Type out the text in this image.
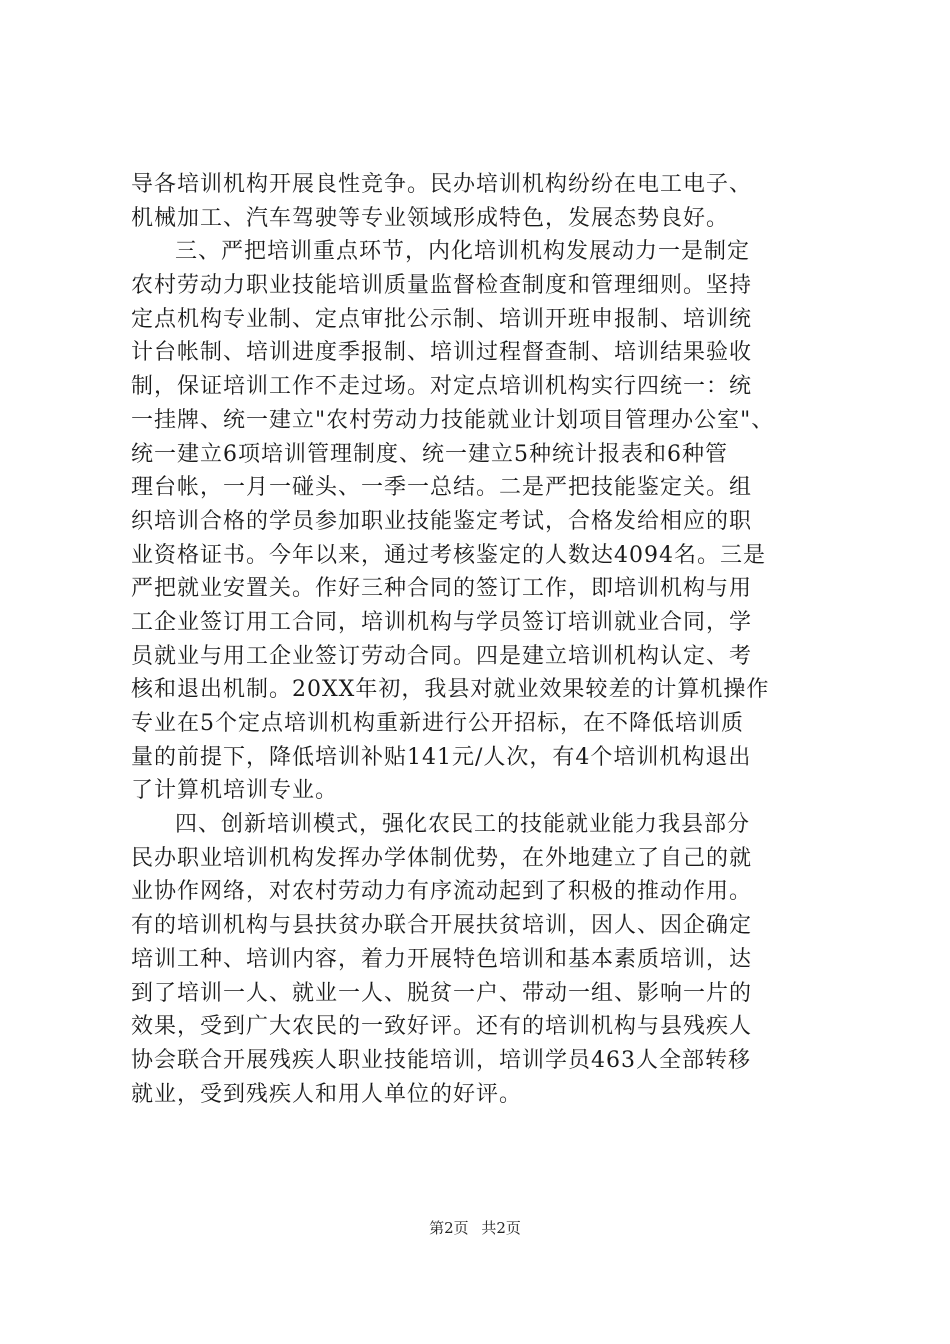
导各培训机构开展良性竞争。民办培训机构纷纷在电工电子、
机械加工、汽车驾驶等专业领域形成特色，发展态势良好。
三、严把培训重点环节，内化培训机构发展动力一是制定
农村劳动力职业技能培训质量监督检查制度和管理细则。坚持
定点机构专业制、定点审批公示制、培训开班申报制、培训统
计台帐制、培训进度季报制、培训过程督查制、培训结果验收
制，保证培训工作不走过场。对定点培训机构实行四统一：统
一挂牌、统一建立"农村劳动力技能就业计划项目管理办公室"、
统一建立6项培训管理制度、统一建立5种统计报表和6种管
理台帐，一月一碰头、一季一总结。二是严把技能鉴定关。组
织培训合格的学员参加职业技能鉴定考试，合格发给相应的职
业资格证书。今年以来，通过考核鉴定的人数达4094名。三是
严把就业安置关。作好三种合同的签订工作，即培训机构与用
工企业签订用工合同，培训机构与学员签订培训就业合同，学
员就业与用工企业签订劳动合同。四是建立培训机构认定、考
核和退出机制。20XX年初，我县对就业效果较差的计算机操作
专业在5个定点培训机构重新进行公开招标，在不降低培训质
量的前提下，降低培训补贴141元/人次，有4个培训机构退出
了计算机培训专业。
四、创新培训模式，强化农民工的技能就业能力我县部分
民办职业培训机构发挥办学体制优势，在外地建立了自己的就
业协作网络，对农村劳动力有序流动起到了积极的推动作用。
有的培训机构与县扶贫办联合开展扶贫培训，因人、因企确定
培训工种、培训内容，着力开展特色培训和基本素质培训，达
到了培训一人、就业一人、脱贫一户、带动一组、影响一片的
效果，受到广大农民的一致好评。还有的培训机构与县残疾人
协会联合开展残疾人职业技能培训，培训学员463人全部转移
就业，受到残疾人和用人单位的好评。
第2页 共2页
